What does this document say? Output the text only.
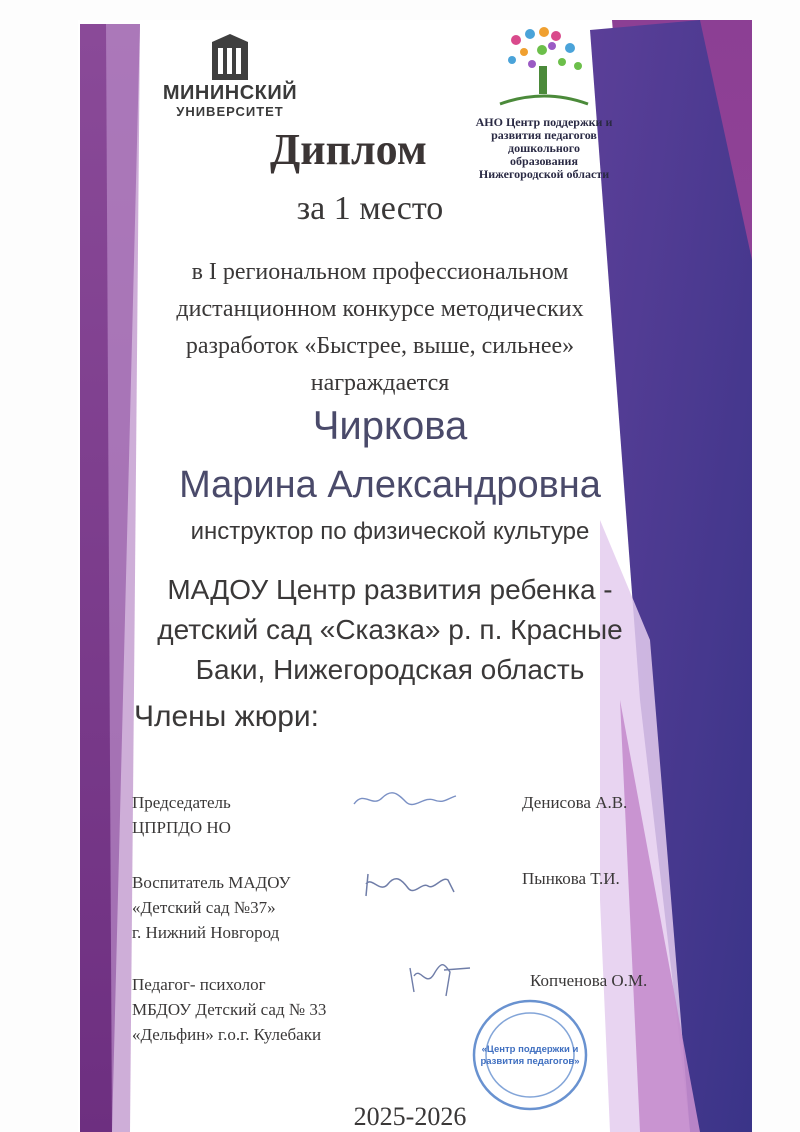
МИНИНСКИЙ
УНИВЕРСИТЕТ
АНО Центр поддержки и
развития педагогов
дошкольного
образования
Нижегородской области
Диплом
за 1 место
в I региональном профессиональном
дистанционном конкурсе методических
разработок «Быстрее, выше, сильнее»
награждается
Чиркова
Марина Александровна
инструктор по физической культуре
МАДОУ Центр развития ребенка -
детский сад «Сказка» р. п. Красные
Баки, Нижегородская область
Члены жюри:
Председатель
ЦПРПДО НО
Денисова А.В.
Воспитатель МАДОУ
«Детский сад №37»
г. Нижний Новгород
Пынкова Т.И.
Педагог- психолог
МБДОУ Детский сад № 33
«Дельфин» г.о.г. Кулебаки
Копченова О.М.
«Центр поддержки и
развития педагогов»
2025-2026
